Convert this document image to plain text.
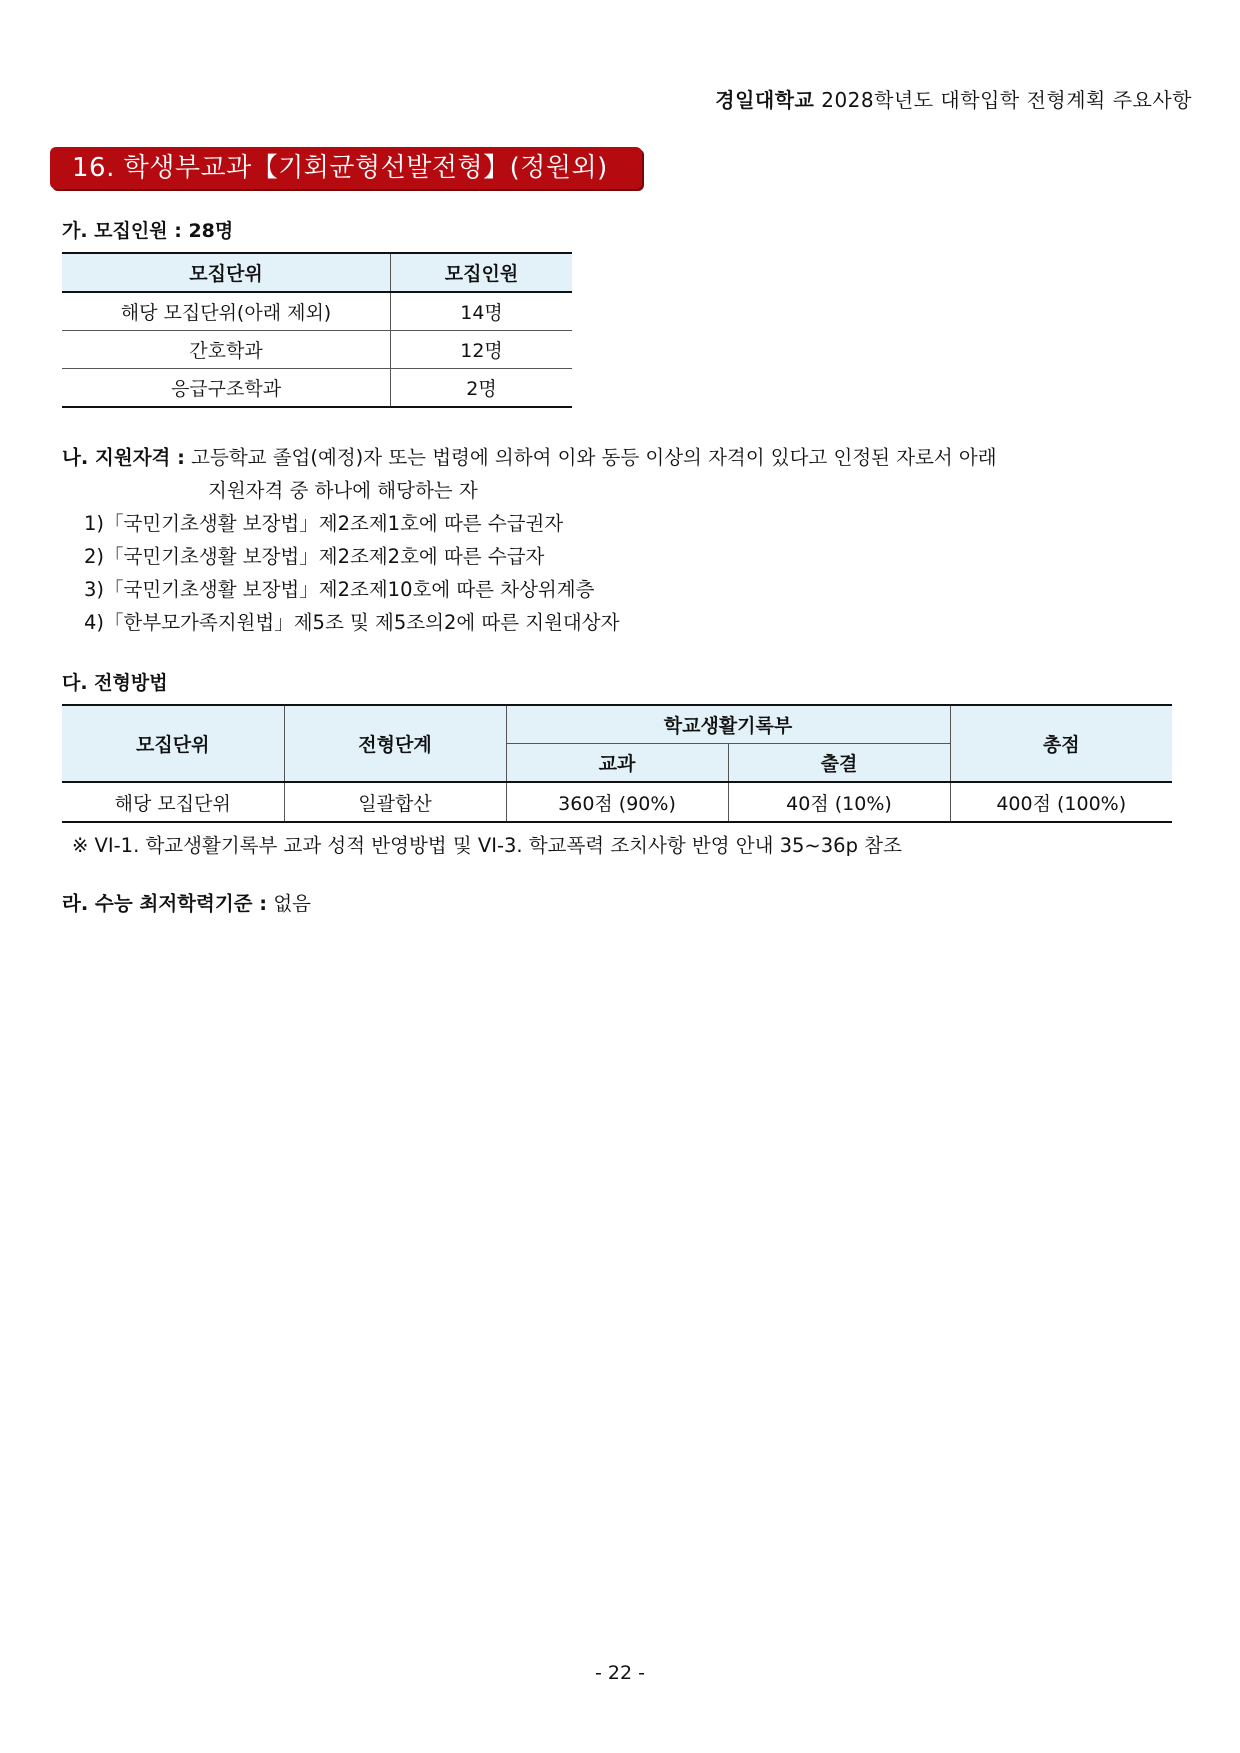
경일대학교 2028학년도 대학입학 전형계획 주요사항
16. 학생부교과【기회균형선발전형】(정원외)
가. 모집인원 : 28명
모집단위	모집인원
해당 모집단위(아래 제외)	14명
간호학과	12명
응급구조학과	2명
나. 지원자격 : 고등학교 졸업(예정)자 또는 법령에 의하여 이와 동등 이상의 자격이 있다고 인정된 자로서 아래
지원자격 중 하나에 해당하는 자
1)「국민기초생활 보장법」제2조제1호에 따른 수급권자
2)「국민기초생활 보장법」제2조제2호에 따른 수급자
3)「국민기초생활 보장법」제2조제10호에 따른 차상위계층
4)「한부모가족지원법」제5조 및 제5조의2에 따른 지원대상자
다. 전형방법
모집단위	전형단계	학교생활기록부		총점
		교과	출결	
해당 모집단위	일괄합산	360점 (90%)	40점 (10%)	400점 (100%)
※ VI-1. 학교생활기록부 교과 성적 반영방법 및 VI-3. 학교폭력 조치사항 반영 안내 35~36p 참조
라. 수능 최저학력기준 : 없음
- 22 -
